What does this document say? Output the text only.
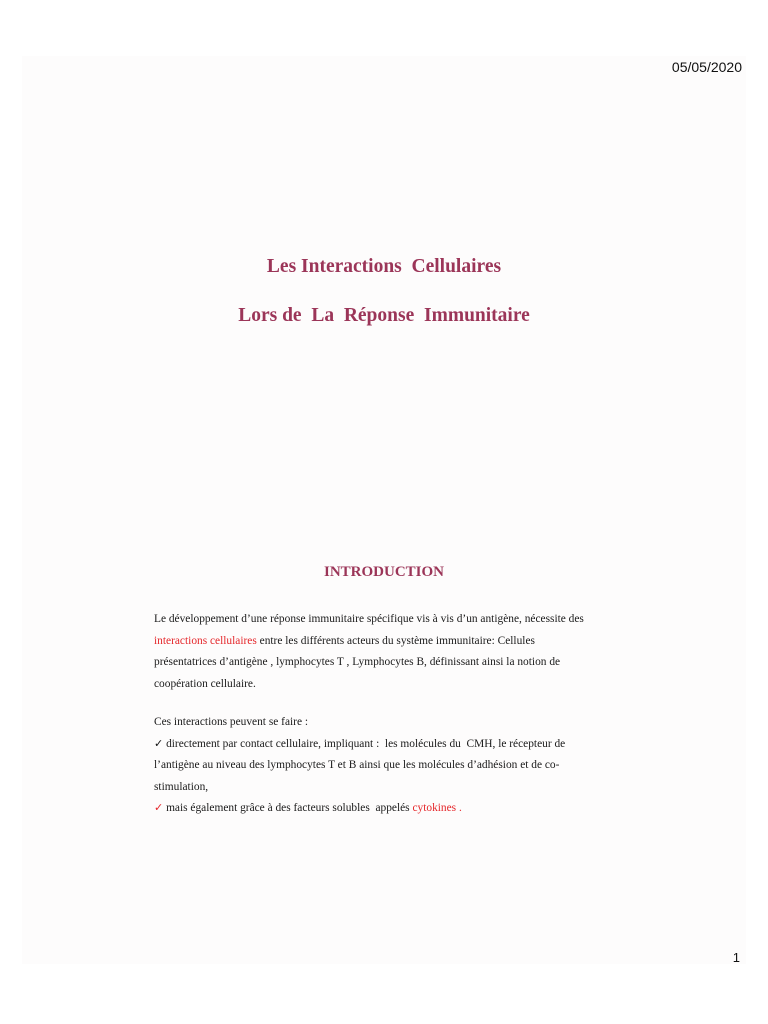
05/05/2020
Les Interactions  Cellulaires
Lors de  La  Réponse  Immunitaire
INTRODUCTION
Le développement d’une réponse immunitaire spécifique vis à vis d’un antigène, nécessite des
interactions cellulaires entre les différents acteurs du système immunitaire: Cellules
présentatrices d’antigène , lymphocytes T , Lymphocytes B, définissant ainsi la notion de
coopération cellulaire.
Ces interactions peuvent se faire :
✓ directement par contact cellulaire, impliquant :  les molécules du  CMH, le récepteur de
l’antigène au niveau des lymphocytes T et B ainsi que les molécules d’adhésion et de co-
stimulation,
✓ mais également grâce à des facteurs solubles  appelés cytokines .
1
